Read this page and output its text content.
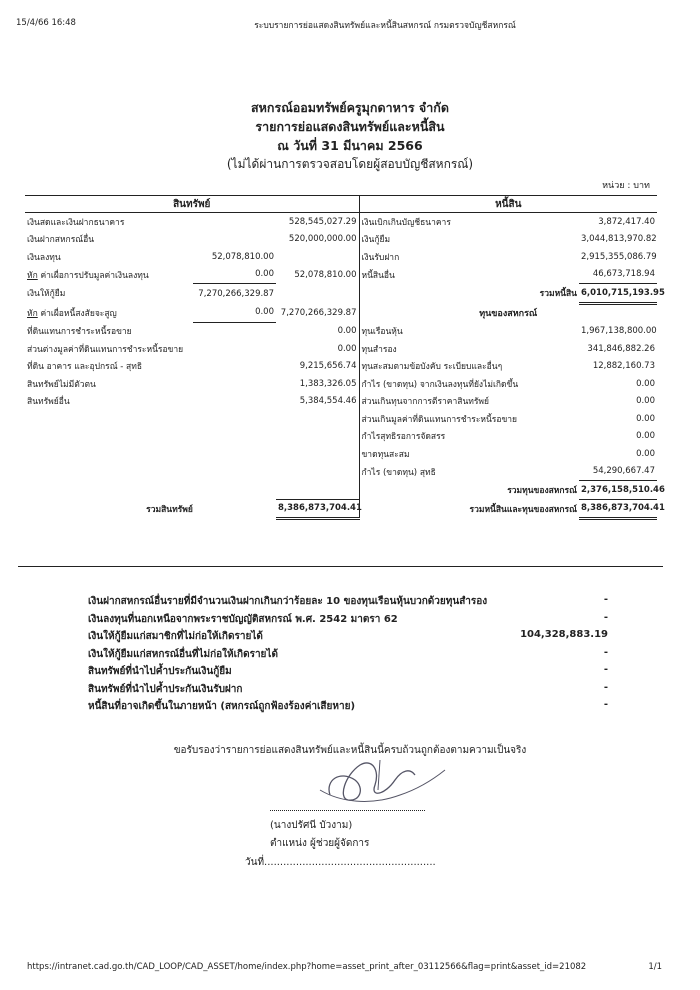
15/4/66 16:48	ระบบรายการย่อแสดงสินทรัพย์และหนี้สินสหกรณ์ กรมตรวจบัญชีสหกรณ์
สหกรณ์ออมทรัพย์ครูมุกดาหาร จำกัด
รายการย่อแสดงสินทรัพย์และหนี้สิน
ณ วันที่ 31 มีนาคม 2566
(ไม่ได้ผ่านการตรวจสอบโดยผู้สอบบัญชีสหกรณ์)
หน่วย : บาท
สินทรัพย์			หนี้สิน	
เงินสดและเงินฝากธนาคาร		528,545,027.29	เงินเบิกเกินบัญชีธนาคาร	3,872,417.40
เงินฝากสหกรณ์อื่น		520,000,000.00	เงินกู้ยืม	3,044,813,970.82
เงินลงทุน	52,078,810.00		เงินรับฝาก	2,915,355,086.79
หัก ค่าเผื่อการปรับมูลค่าเงินลงทุน	0.00	52,078,810.00	หนี้สินอื่น	46,673,718.94
เงินให้กู้ยืม	7,270,266,329.87		รวมหนี้สิน	6,010,715,193.95
หัก ค่าเผื่อหนี้สงสัยจะสูญ	0.00	7,270,266,329.87	ทุนของสหกรณ์	
ที่ดินแทนการชำระหนี้รอขาย		0.00	ทุนเรือนหุ้น	1,967,138,800.00
ส่วนต่างมูลค่าที่ดินแทนการชำระหนี้รอขาย		0.00	ทุนสำรอง	341,846,882.26
ที่ดิน อาคาร และอุปกรณ์ - สุทธิ		9,215,656.74	ทุนสะสมตามข้อบังคับ ระเบียบและอื่นๆ	12,882,160.73
สินทรัพย์ไม่มีตัวตน		1,383,326.05	กำไร (ขาดทุน) จากเงินลงทุนที่ยังไม่เกิดขึ้น	0.00
สินทรัพย์อื่น		5,384,554.46	ส่วนเกินทุนจากการตีราคาสินทรัพย์	0.00
			ส่วนเกินมูลค่าที่ดินแทนการชำระหนี้รอขาย	0.00
			กำไรสุทธิรอการจัดสรร	0.00
			ขาดทุนสะสม	0.00
			กำไร (ขาดทุน) สุทธิ	54,290,667.47
			รวมทุนของสหกรณ์	2,376,158,510.46
รวมสินทรัพย์		8,386,873,704.41	รวมหนี้สินและทุนของสหกรณ์	8,386,873,704.41
เงินฝากสหกรณ์อื่นรายที่มีจำนวนเงินฝากเกินกว่าร้อยละ 10 ของทุนเรือนหุ้นบวกด้วยทุนสำรอง	-
เงินลงทุนที่นอกเหนือจากพระราชบัญญัติสหกรณ์ พ.ศ. 2542 มาตรา 62	-
เงินให้กู้ยืมแก่สมาชิกที่ไม่ก่อให้เกิดรายได้	104,328,883.19
เงินให้กู้ยืมแก่สหกรณ์อื่นที่ไม่ก่อให้เกิดรายได้	-
สินทรัพย์ที่นำไปค้ำประกันเงินกู้ยืม	-
สินทรัพย์ที่นำไปค้ำประกันเงินรับฝาก	-
หนี้สินที่อาจเกิดขึ้นในภายหน้า (สหกรณ์ถูกฟ้องร้องค่าเสียหาย)	-
ขอรับรองว่ารายการย่อแสดงสินทรัพย์และหนี้สินนี้ครบถ้วนถูกต้องตามความเป็นจริง
(นางปรัศนี บัวงาม)
ตำแหน่ง ผู้ช่วยผู้จัดการ
วันที่......................................................
https://intranet.cad.go.th/CAD_LOOP/CAD_ASSET/home/index.php?home=asset_print_after_03112566&flag=print&asset_id=21082	1/1
